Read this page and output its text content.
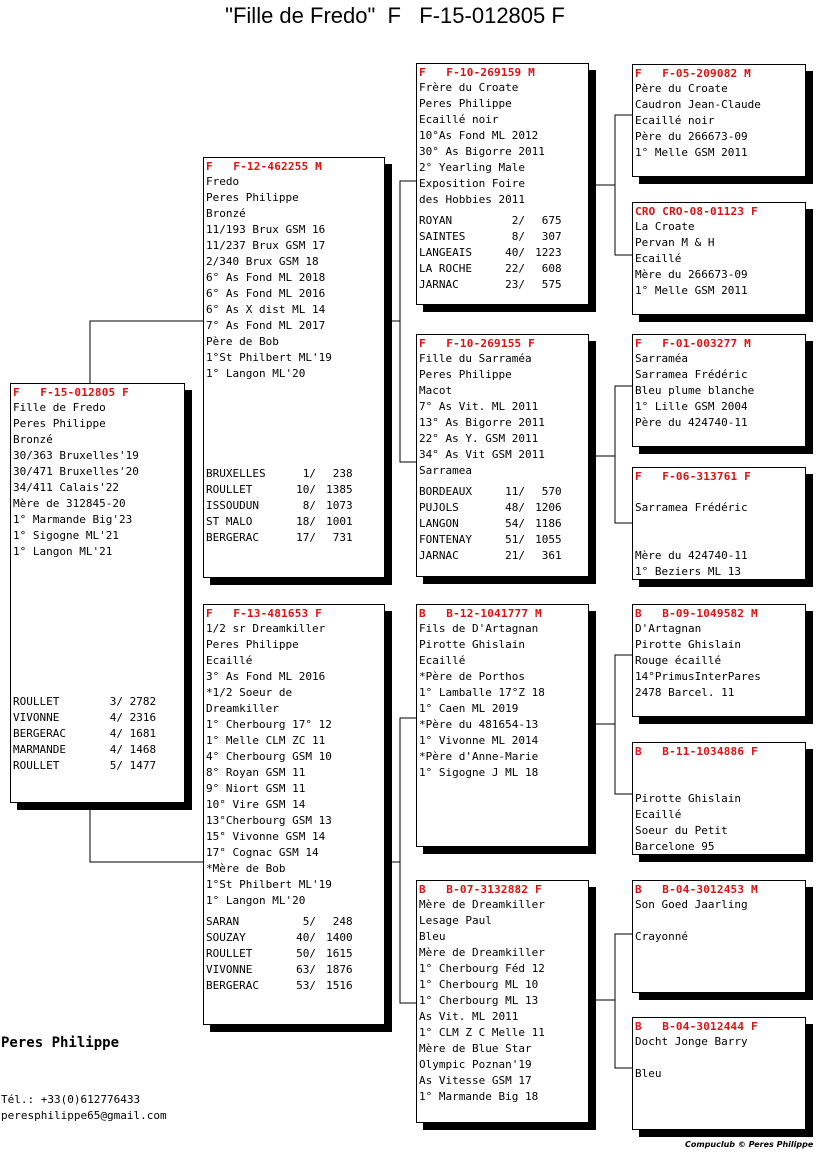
"Fille de Fredo"  F   F-15-012805 F
F   F-15-012805 F
Fille de Fredo
Peres Philippe
Bronzé
30/363 Bruxelles'19
30/471 Bruxelles'20
34/411 Calais'22
Mère de 312845-20
1° Marmande Big'23
1° Sigogne ML'21
1° Langon ML'21
ROULLET	3/ 2782
VIVONNE	4/ 2316
BERGERAC	4/ 1681
MARMANDE	4/ 1468
ROULLET	5/ 1477
F   F-12-462255 M
Fredo
Peres Philippe
Bronzé
11/193 Brux GSM 16
11/237 Brux GSM 17
2/340 Brux GSM 18
6° As Fond ML 2018
6° As Fond ML 2016
6° As X dist ML 14
7° As Fond ML 2017
Père de Bob
1°St Philbert ML'19
1° Langon ML'20
BRUXELLES	1/ 238
ROULLET	10/ 1385
ISSOUDUN	8/ 1073
ST MALO	18/ 1001
BERGERAC	17/ 731
F   F-13-481653 F
1/2 sr Dreamkiller
Peres Philippe
Ecaillé
3° As Fond ML 2016
*1/2 Soeur de
Dreamkiller
1° Cherbourg 17° 12
1° Melle CLM ZC 11
4° Cherbourg GSM 10
8° Royan GSM 11
9° Niort GSM 11
10° Vire GSM 14
13°Cherbourg GSM 13
15° Vivonne GSM 14
17° Cognac GSM 14
*Mère de Bob
1°St Philbert ML'19
1° Langon ML'20
SARAN	5/ 248
SOUZAY	40/ 1400
ROULLET	50/ 1615
VIVONNE	63/ 1876
BERGERAC	53/ 1516
F   F-10-269159 M
Frère du Croate
Peres Philippe
Ecaillé noir
10°As Fond ML 2012
30° As Bigorre 2011
2° Yearling Male
Exposition Foire
des Hobbies 2011
ROYAN	2/ 675
SAINTES	8/ 307
LANGEAIS	40/ 1223
LA ROCHE	22/ 608
JARNAC	23/ 575
F   F-10-269155 F
Fille du Sarraméa
Peres Philippe
Macot
7° As Vit. ML 2011
13° As Bigorre 2011
22° As Y. GSM 2011
34° As Vit GSM 2011
Sarramea
BORDEAUX	11/ 570
PUJOLS	48/ 1206
LANGON	54/ 1186
FONTENAY	51/ 1055
JARNAC	21/ 361
B   B-12-1041777 M
Fils de D'Artagnan
Pirotte Ghislain
Ecaillé
*Père de Porthos
1° Lamballe 17°Z 18
1° Caen ML 2019
*Père du 481654-13
1° Vivonne ML 2014
*Père d'Anne-Marie
1° Sigogne J ML 18
B   B-07-3132882 F
Mère de Dreamkiller
Lesage Paul
Bleu
Mère de Dreamkiller
1° Cherbourg Féd 12
1° Cherbourg ML 10
1° Cherbourg ML 13
As Vit. ML 2011
1° CLM Z C Melle 11
Mère de Blue Star
Olympic Poznan'19
As Vitesse GSM 17
1° Marmande Big 18
F   F-05-209082 M
Père du Croate
Caudron Jean-Claude
Ecaillé noir
Père du 266673-09
1° Melle GSM 2011
CRO CRO-08-01123 F
La Croate
Pervan M & H
Ecaillé
Mère du 266673-09
1° Melle GSM 2011
F   F-01-003277 M
Sarraméa
Sarramea Frédéric
Bleu plume blanche
1° Lille GSM 2004
Père du 424740-11
F   F-06-313761 F
Sarramea Frédéric
Mère du 424740-11
1° Beziers ML 13
B   B-09-1049582 M
D'Artagnan
Pirotte Ghislain
Rouge écaillé
14°PrimusInterPares
2478 Barcel. 11
B   B-11-1034886 F
Pirotte Ghislain
Ecaillé
Soeur du Petit
Barcelone 95
B   B-04-3012453 M
Son Goed Jaarling
Crayonné
B   B-04-3012444 F
Docht Jonge Barry
Bleu
Peres Philippe
Tél.: +33(0)612776433
peresphilippe65@gmail.com
Compuclub © Peres Philippe
